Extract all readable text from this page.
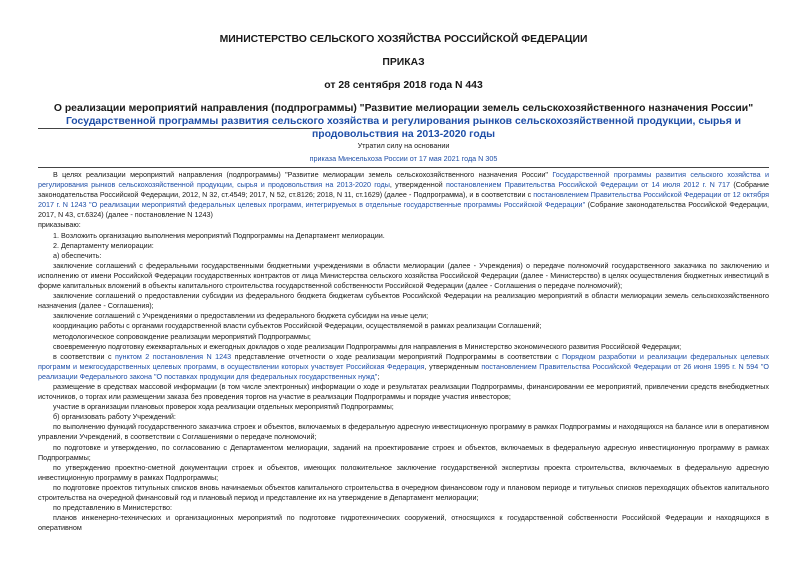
МИНИСТЕРСТВО СЕЛЬСКОГО ХОЗЯЙСТВА РОССИЙСКОЙ ФЕДЕРАЦИИ
ПРИКАЗ
от 28 сентября 2018 года N 443
О реализации мероприятий направления (подпрограммы) "Развитие мелиорации земель сельскохозяйственного назначения России" Государственной программы развития сельского хозяйства и регулирования рынков сельскохозяйственной продукции, сырья и продовольствия на 2013-2020 годы
Утратил силу на основании
приказа Минсельхоза России от 17 мая 2021 года N 305

В целях реализации мероприятий направления (подпрограммы) "Развитие мелиорации земель сельскохозяйственного назначения России" Государственной программы развития сельского хозяйства и регулирования рынков сельскохозяйственной продукции, сырья и продовольствия на 2013-2020 годы, утвержденной постановлением Правительства Российской Федерации от 14 июля 2012 г. N 717 (Собрание законодательства Российской Федерации, 2012, N 32, ст.4549; 2017, N 52, ст.8126; 2018, N 11, ст.1629) (далее - Подпрограмма), и в соответствии с постановлением Правительства Российской Федерации от 12 октября 2017 г. N 1243 "О реализации мероприятий федеральных целевых программ, интегрируемых в отдельные государственные программы Российской Федерации" (Собрание законодательства Российской Федерации, 2017, N 43, ст.6324) (далее - постановление N 1243)

приказываю:

1. Возложить организацию выполнения мероприятий Подпрограммы на Департамент мелиорации.

2. Департаменту мелиорации:

а) обеспечить:

заключение соглашений с федеральными государственными бюджетными учреждениями в области мелиорации (далее - Учреждения) о передаче полномочий государственного заказчика по заключению и исполнению от имени Российской Федерации государственных контрактов от лица Министерства сельского хозяйства Российской Федерации (далее - Министерство) в целях осуществления бюджетных инвестиций в форме капитальных вложений в объекты капитального строительства государственной собственности Российской Федерации (далее - Соглашения о передаче полномочий);

заключение соглашений о предоставлении субсидии из федерального бюджета бюджетам субъектов Российской Федерации на реализацию мероприятий в области мелиорации земель сельскохозяйственного назначения (далее - Соглашения);

заключение соглашений с Учреждениями о предоставлении из федерального бюджета субсидии на иные цели;

координацию работы с органами государственной власти субъектов Российской Федерации, осуществляемой в рамках реализации Соглашений;

методологическое сопровождение реализации мероприятий Подпрограммы;

своевременную подготовку ежеквартальных и ежегодных докладов о ходе реализации Подпрограммы для направления в Министерство экономического развития Российской Федерации;

в соответствии с пунктом 2 постановления N 1243 представление отчетности о ходе реализации мероприятий Подпрограммы в соответствии с Порядком разработки и реализации федеральных целевых программ и межгосударственных целевых программ, в осуществлении которых участвует Российская Федерация, утвержденным постановлением Правительства Российской Федерации от 26 июня 1995 г. N 594 "О реализации Федерального закона "О поставках продукции для федеральных государственных нужд";

размещение в средствах массовой информации (в том числе электронных) информации о ходе и результатах реализации Подпрограммы, финансировании ее мероприятий, привлечении средств внебюджетных источников, о торгах или размещении заказа без проведения торгов на участие в реализации Подпрограммы и порядке участия инвесторов;

участие в организации плановых проверок хода реализации отдельных мероприятий Подпрограммы;

б) организовать работу Учреждений:

по выполнению функций государственного заказчика строек и объектов, включаемых в федеральную адресную инвестиционную программу в рамках Подпрограммы и находящихся на балансе или в оперативном управлении Учреждений, в соответствии с Соглашениями о передаче полномочий;

по подготовке и утверждению, по согласованию с Департаментом мелиорации, заданий на проектирование строек и объектов, включаемых в федеральную адресную инвестиционную программу в рамках Подпрограммы;

по утверждению проектно-сметной документации строек и объектов, имеющих положительное заключение государственной экспертизы проекта строительства, включаемых в федеральную адресную инвестиционную программу в рамках Подпрограммы;

по подготовке проектов титульных списков вновь начинаемых объектов капитального строительства в очередном финансовом году и плановом периоде и титульных списков переходящих объектов капитального строительства на очередной финансовый год и плановый период и представление их на утверждение в Департамент мелиорации;

по представлению в Министерство:

планов инженерно-технических и организационных мероприятий по подготовке гидротехнических сооружений, относящихся к государственной собственности Российской Федерации и находящихся в оперативном
